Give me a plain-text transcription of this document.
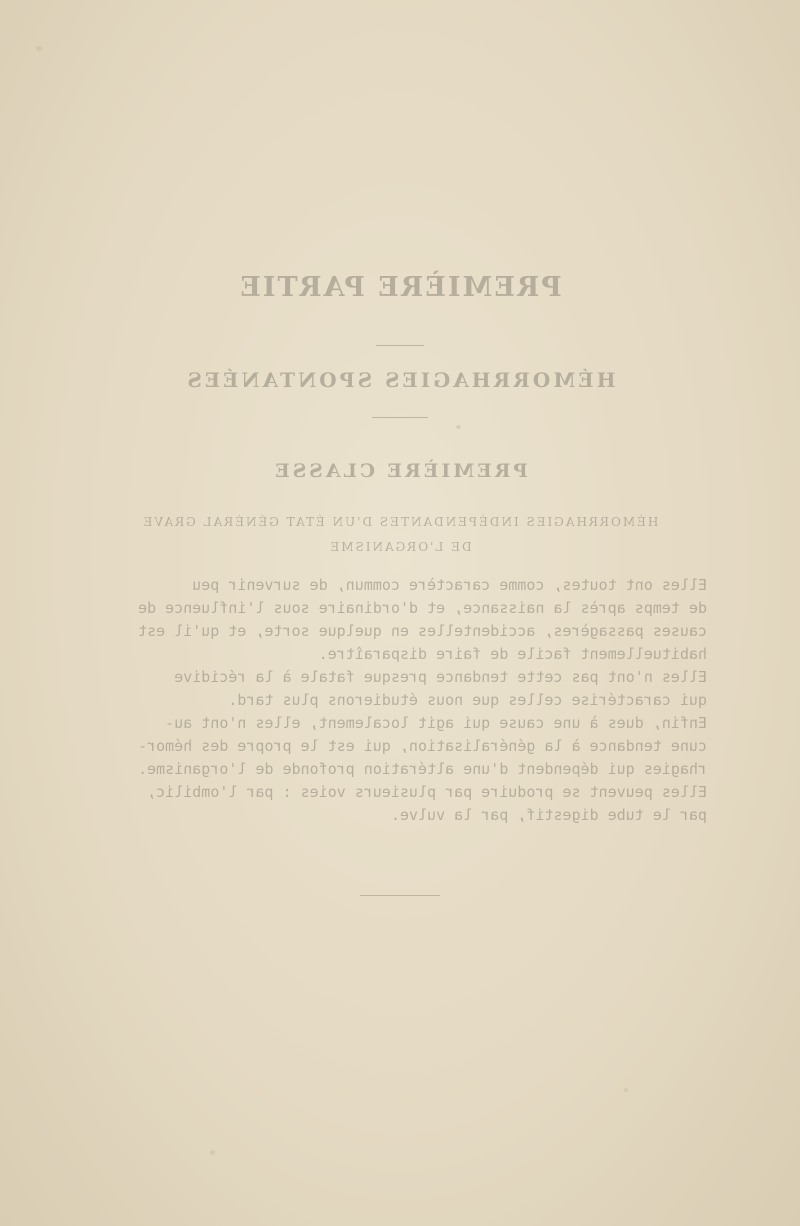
PREMIÈRE PARTIE
HÉMORRHAGIES SPONTANÉES
PREMIÈRE CLASSE
HÉMORRHAGIES INDÉPENDANTES D'UN ÉTAT GÉNÉRAL GRAVE
DE L'ORGANISME

Elles ont toutes, comme caractère commun, de survenir peu

de temps après la naissance, et d'ordinaire sous l'influence de

causes passagères, accidentelles en quelque sorte, et qu'il est

habituellement facile de faire disparaître.

Elles n'ont pas cette tendance presque fatale à la récidive

qui caractérise celles que nous étudierons plus tard.

Enfin, dues à une cause qui agit localement, elles n'ont au-

cune tendance à la généralisation, qui est le propre des hémor-

rhagies qui dépendent d'une altération profonde de l'organisme.

Elles peuvent se produire par plusieurs voies : par l'ombilic,

par le tube digestif, par la vulve.
